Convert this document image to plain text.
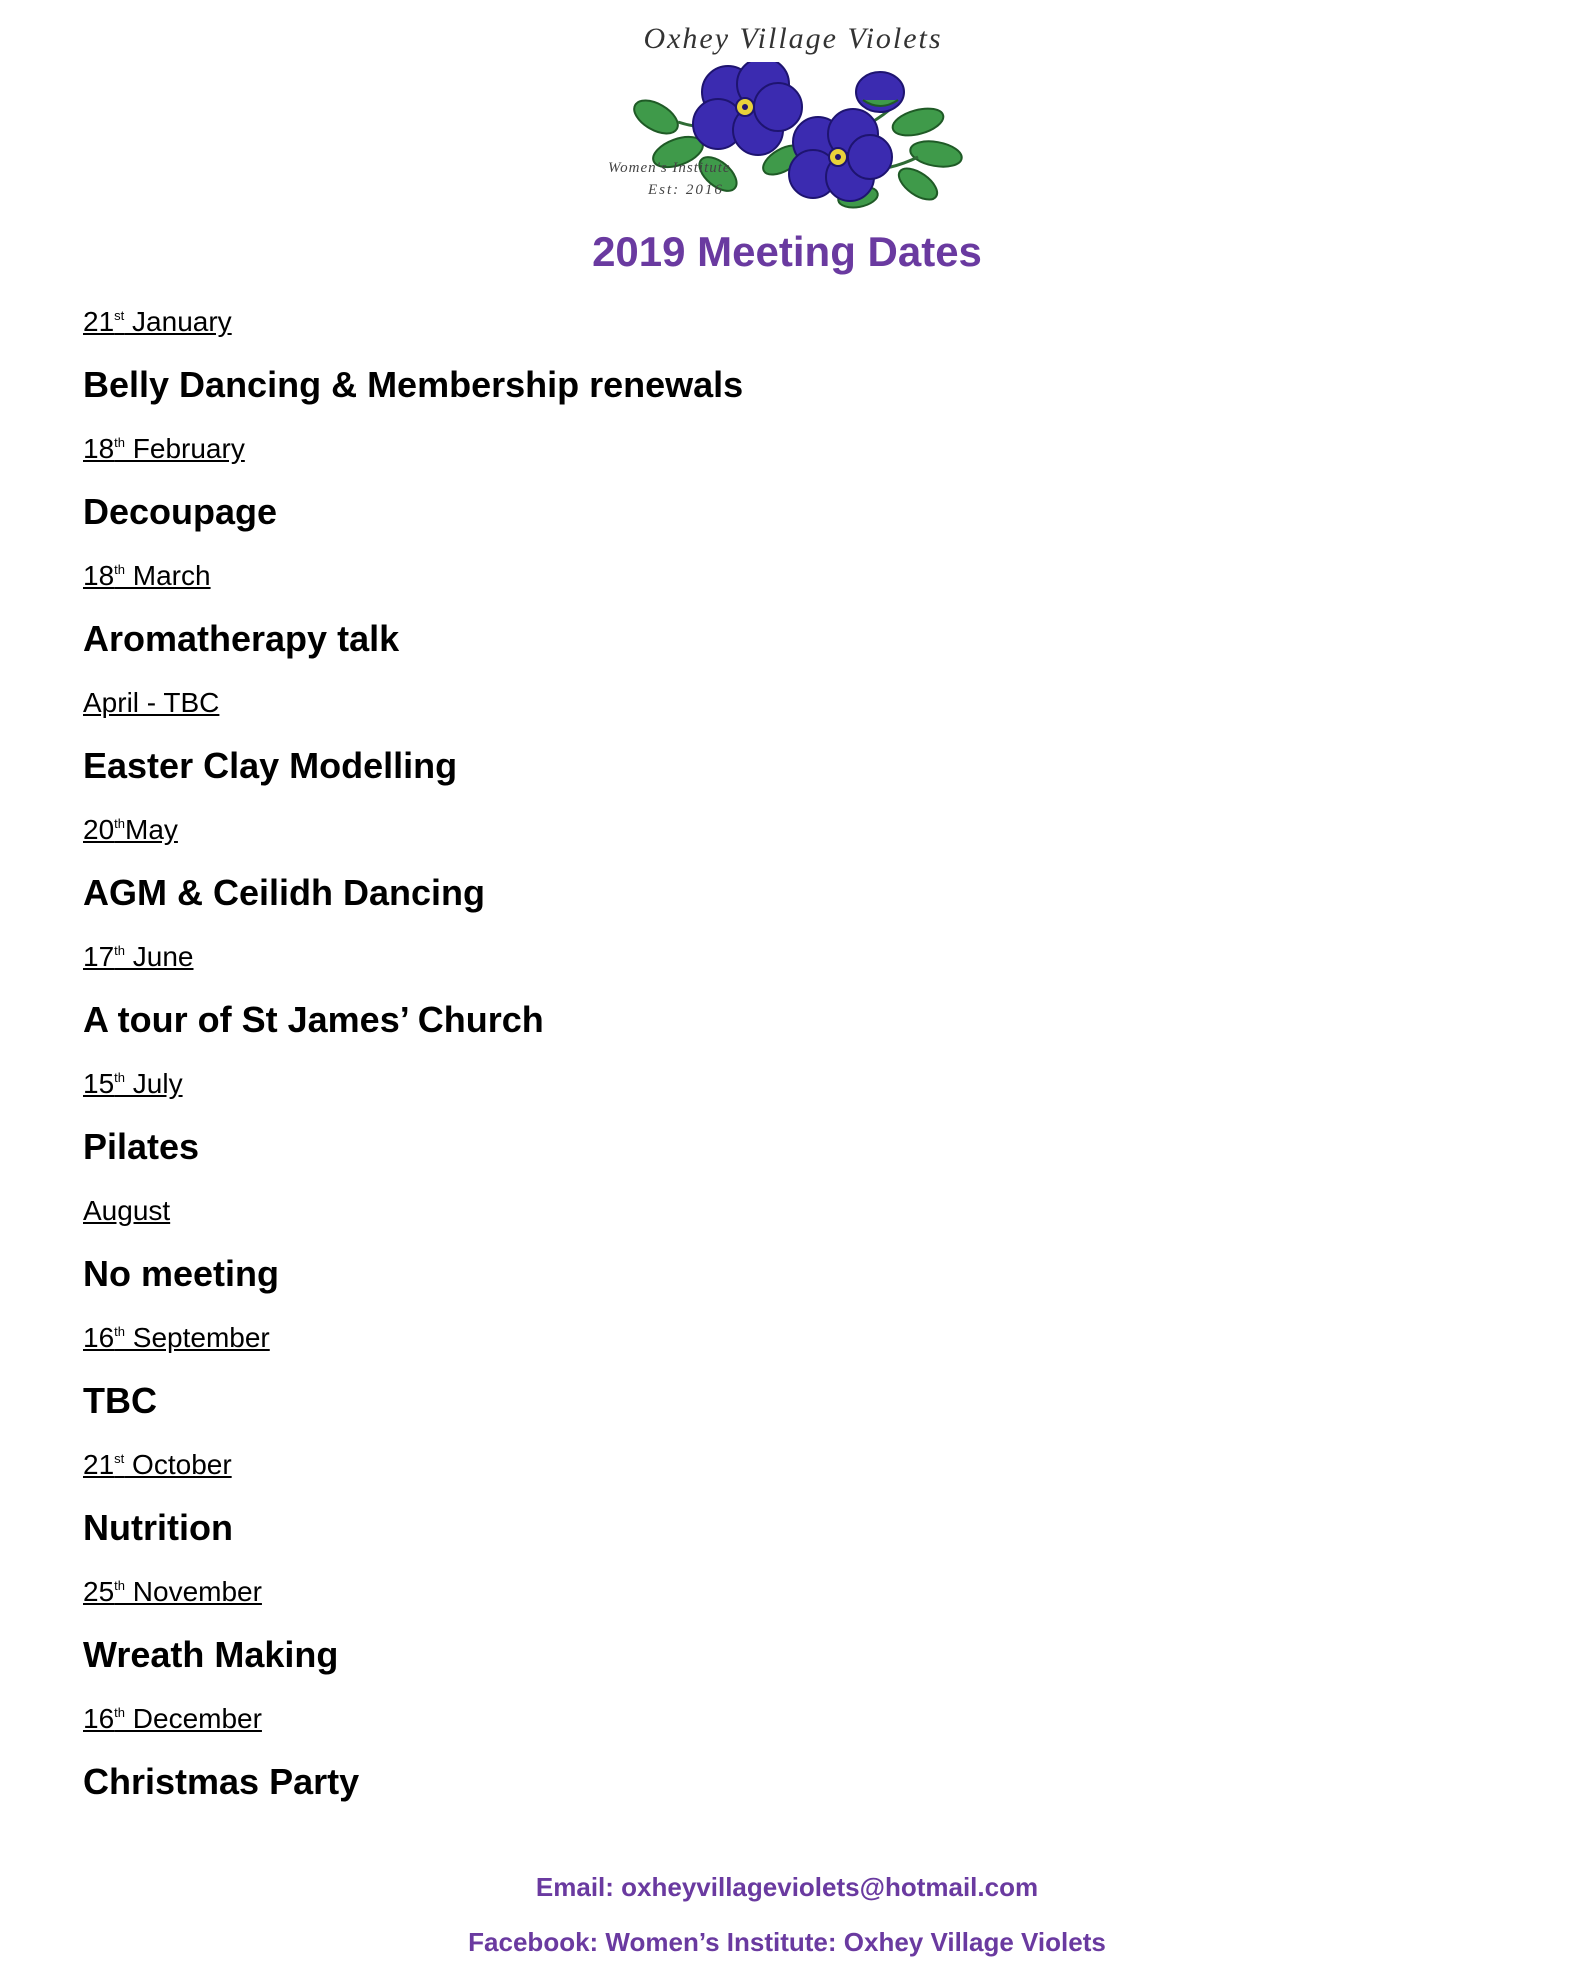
Oxhey Village Violets
Women's Institute
Est: 2016
2019 Meeting Dates
21st January
Belly Dancing & Membership renewals
18th February
Decoupage
18th March
Aromatherapy talk
April - TBC
Easter Clay Modelling
20thMay
AGM & Ceilidh Dancing
17th June
A tour of St James’ Church
15th July
Pilates
August
No meeting
16th September
TBC
21st October
Nutrition
25th November
Wreath Making
16th December
Christmas Party
Email: oxheyvillageviolets@hotmail.com
Facebook: Women’s Institute: Oxhey Village Violets
